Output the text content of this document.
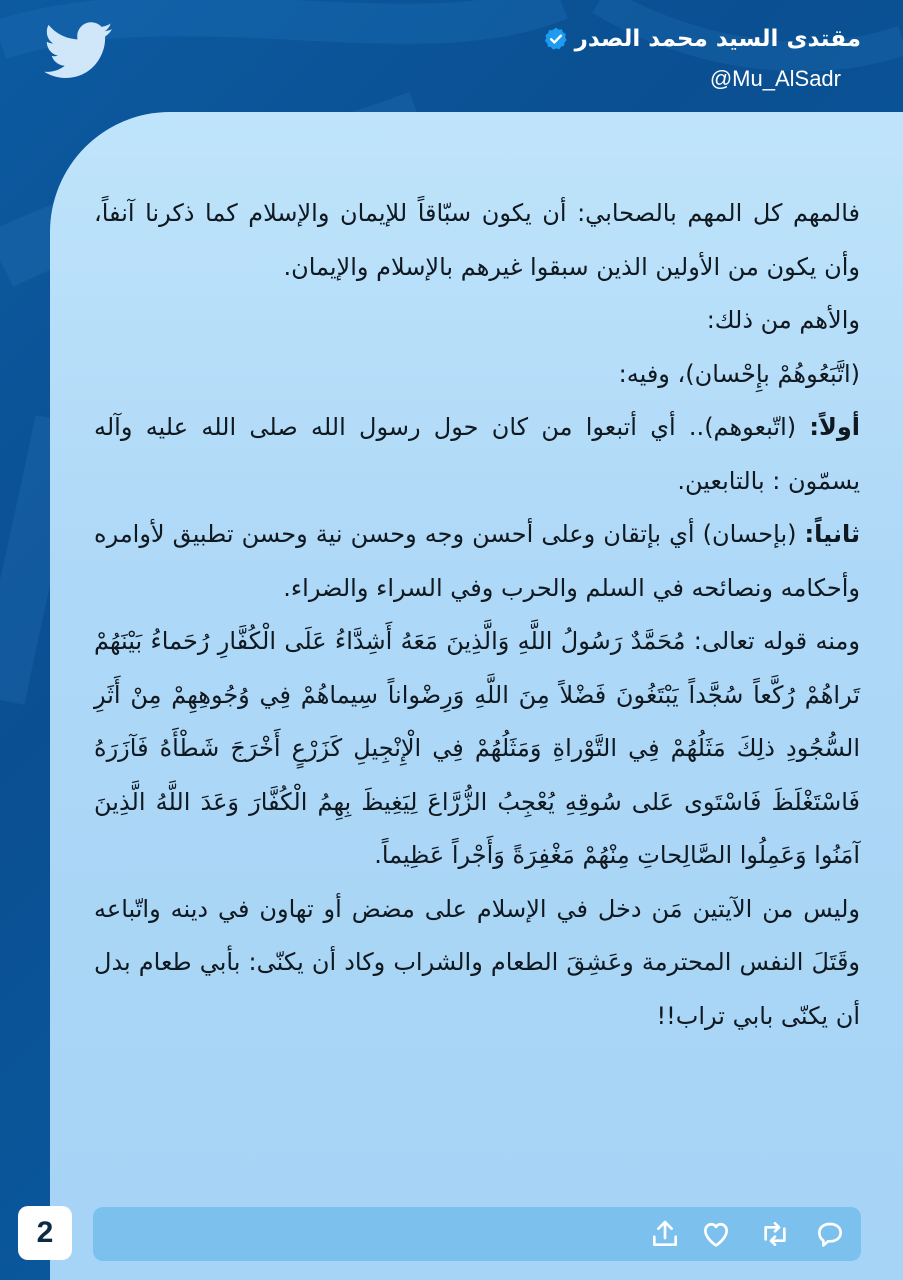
مقتدى السيد محمد الصدر
@Mu_AlSadr

فالمهم كل المهم بالصحابي: أن يكون سبّاقاً للإيمان والإسلام كما ذكرنا آنفاً، وأن يكون من الأولين الذين سبقوا غيرهم بالإسلام والإيمان.

والأهم من ذلك:

(اتَّبَعُوهُمْ بإِحْسان)، وفيه:

أولاً: (اتّبعوهم).. أي أتبعوا من كان حول رسول الله صلى الله عليه وآله يسمّون : بالتابعين.

ثانياً: (بإحسان) أي بإتقان وعلى أحسن وجه وحسن نية وحسن تطبيق لأوامره وأحكامه ونصائحه في السلم والحرب وفي السراء والضراء.

ومنه قوله تعالى: مُحَمَّدٌ رَسُولُ اللَّهِ وَالَّذِينَ مَعَهُ أَشِدَّاءُ عَلَى الْكُفَّارِ رُحَماءُ بَيْنَهُمْ تَراهُمْ رُكَّعاً سُجَّداً يَبْتَغُونَ فَضْلاً مِنَ اللَّهِ وَرِضْواناً سِيماهُمْ فِي وُجُوهِهِمْ مِنْ أَثَرِ السُّجُودِ ذلِكَ مَثَلُهُمْ فِي التَّوْراةِ وَمَثَلُهُمْ فِي الْإِنْجِيلِ كَزَرْعٍ أَخْرَجَ شَطْأَهُ فَآزَرَهُ فَاسْتَغْلَظَ فَاسْتَوى عَلى سُوقِهِ يُعْجِبُ الزُّرَّاعَ لِيَغِيظَ بِهِمُ الْكُفَّارَ وَعَدَ اللَّهُ الَّذِينَ آمَنُوا وَعَمِلُوا الصَّالِحاتِ مِنْهُمْ مَغْفِرَةً وَأَجْراً عَظِيماً.

وليس من الآيتين مَن دخل في الإسلام على مضض أو تهاون في دينه واتّباعه وقَتَلَ النفس المحترمة وعَشِقَ الطعام والشراب وكاد أن يكنّى: بأبي طعام بدل أن يكنّى بابي تراب!!

2
